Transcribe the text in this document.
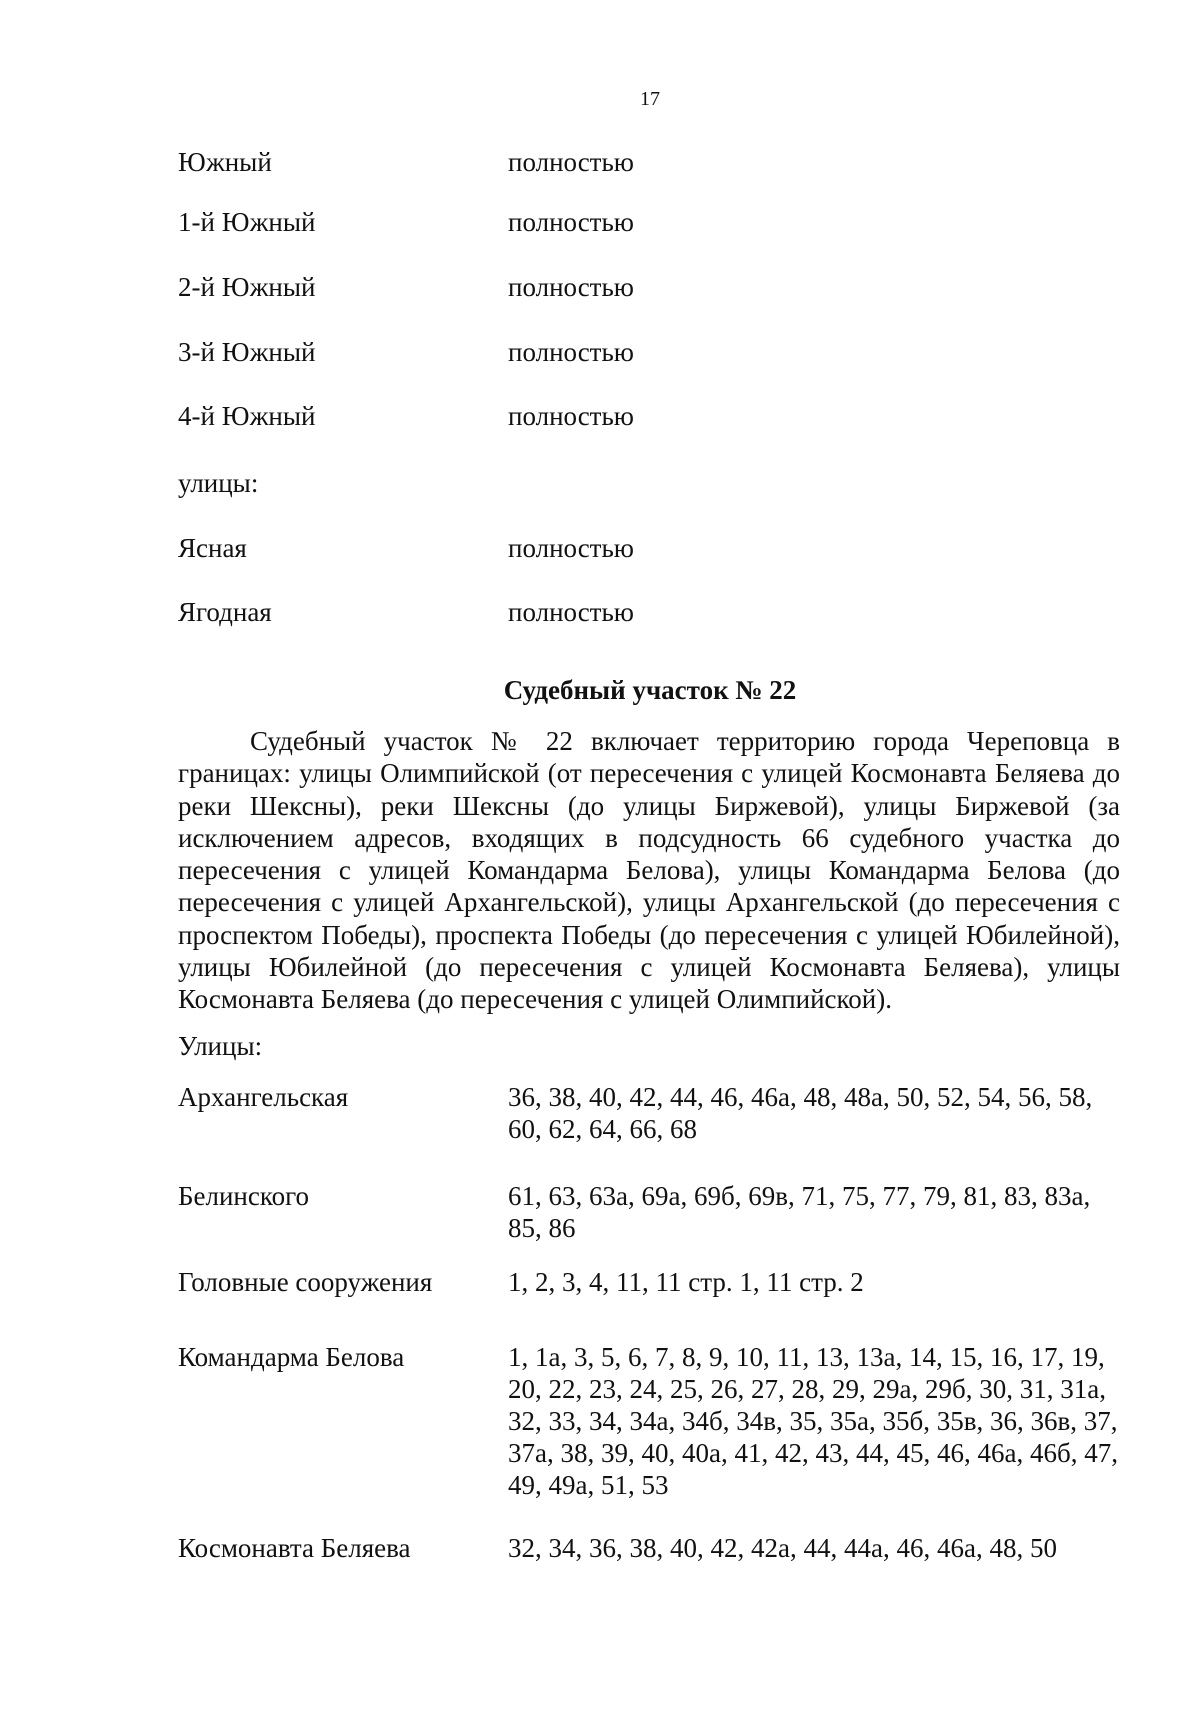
17
Южный	полностью
1-й Южный	полностью
2-й Южный	полностью
3-й Южный	полностью
4-й Южный	полностью
улицы:
Ясная	полностью
Ягодная	полностью
Судебный участок № 22

Судебный участок № 22 включает территорию города Череповца в границах: улицы Олимпийской (от пересечения с улицей Космонавта Беляева до реки Шексны), реки Шексны (до улицы Биржевой), улицы Биржевой (за исключением адресов, входящих в подсудность 66 судебного участка до пересечения с улицей Командарма Белова), улицы Командарма Белова (до пересечения с улицей Архангельской), улицы Архангельской (до пересечения с проспектом Победы), проспекта Победы (до пересечения с улицей Юбилейной), улицы Юбилейной (до пересечения с улицей Космонавта Беляева), улицы Космонавта Беляева (до пересечения с улицей Олимпийской).

Улицы:
Архангельская	36, 38, 40, 42, 44, 46, 46а, 48, 48а, 50, 52, 54, 56, 58, 60, 62, 64, 66, 68
Белинского	61, 63, 63а, 69а, 69б, 69в, 71, 75, 77, 79, 81, 83, 83а, 85, 86
Головные сооружения	1, 2, 3, 4, 11, 11 стр. 1, 11 стр. 2
Командарма Белова	1, 1а, 3, 5, 6, 7, 8, 9, 10, 11, 13, 13а, 14, 15, 16, 17, 19, 20, 22, 23, 24, 25, 26, 27, 28, 29, 29а, 29б, 30, 31, 31а, 32, 33, 34, 34а, 34б, 34в, 35, 35а, 35б, 35в, 36, 36в, 37, 37а, 38, 39, 40, 40а, 41, 42, 43, 44, 45, 46, 46а, 46б, 47, 49, 49а, 51, 53
Космонавта Беляева	32, 34, 36, 38, 40, 42, 42а, 44, 44а, 46, 46а, 48, 50
